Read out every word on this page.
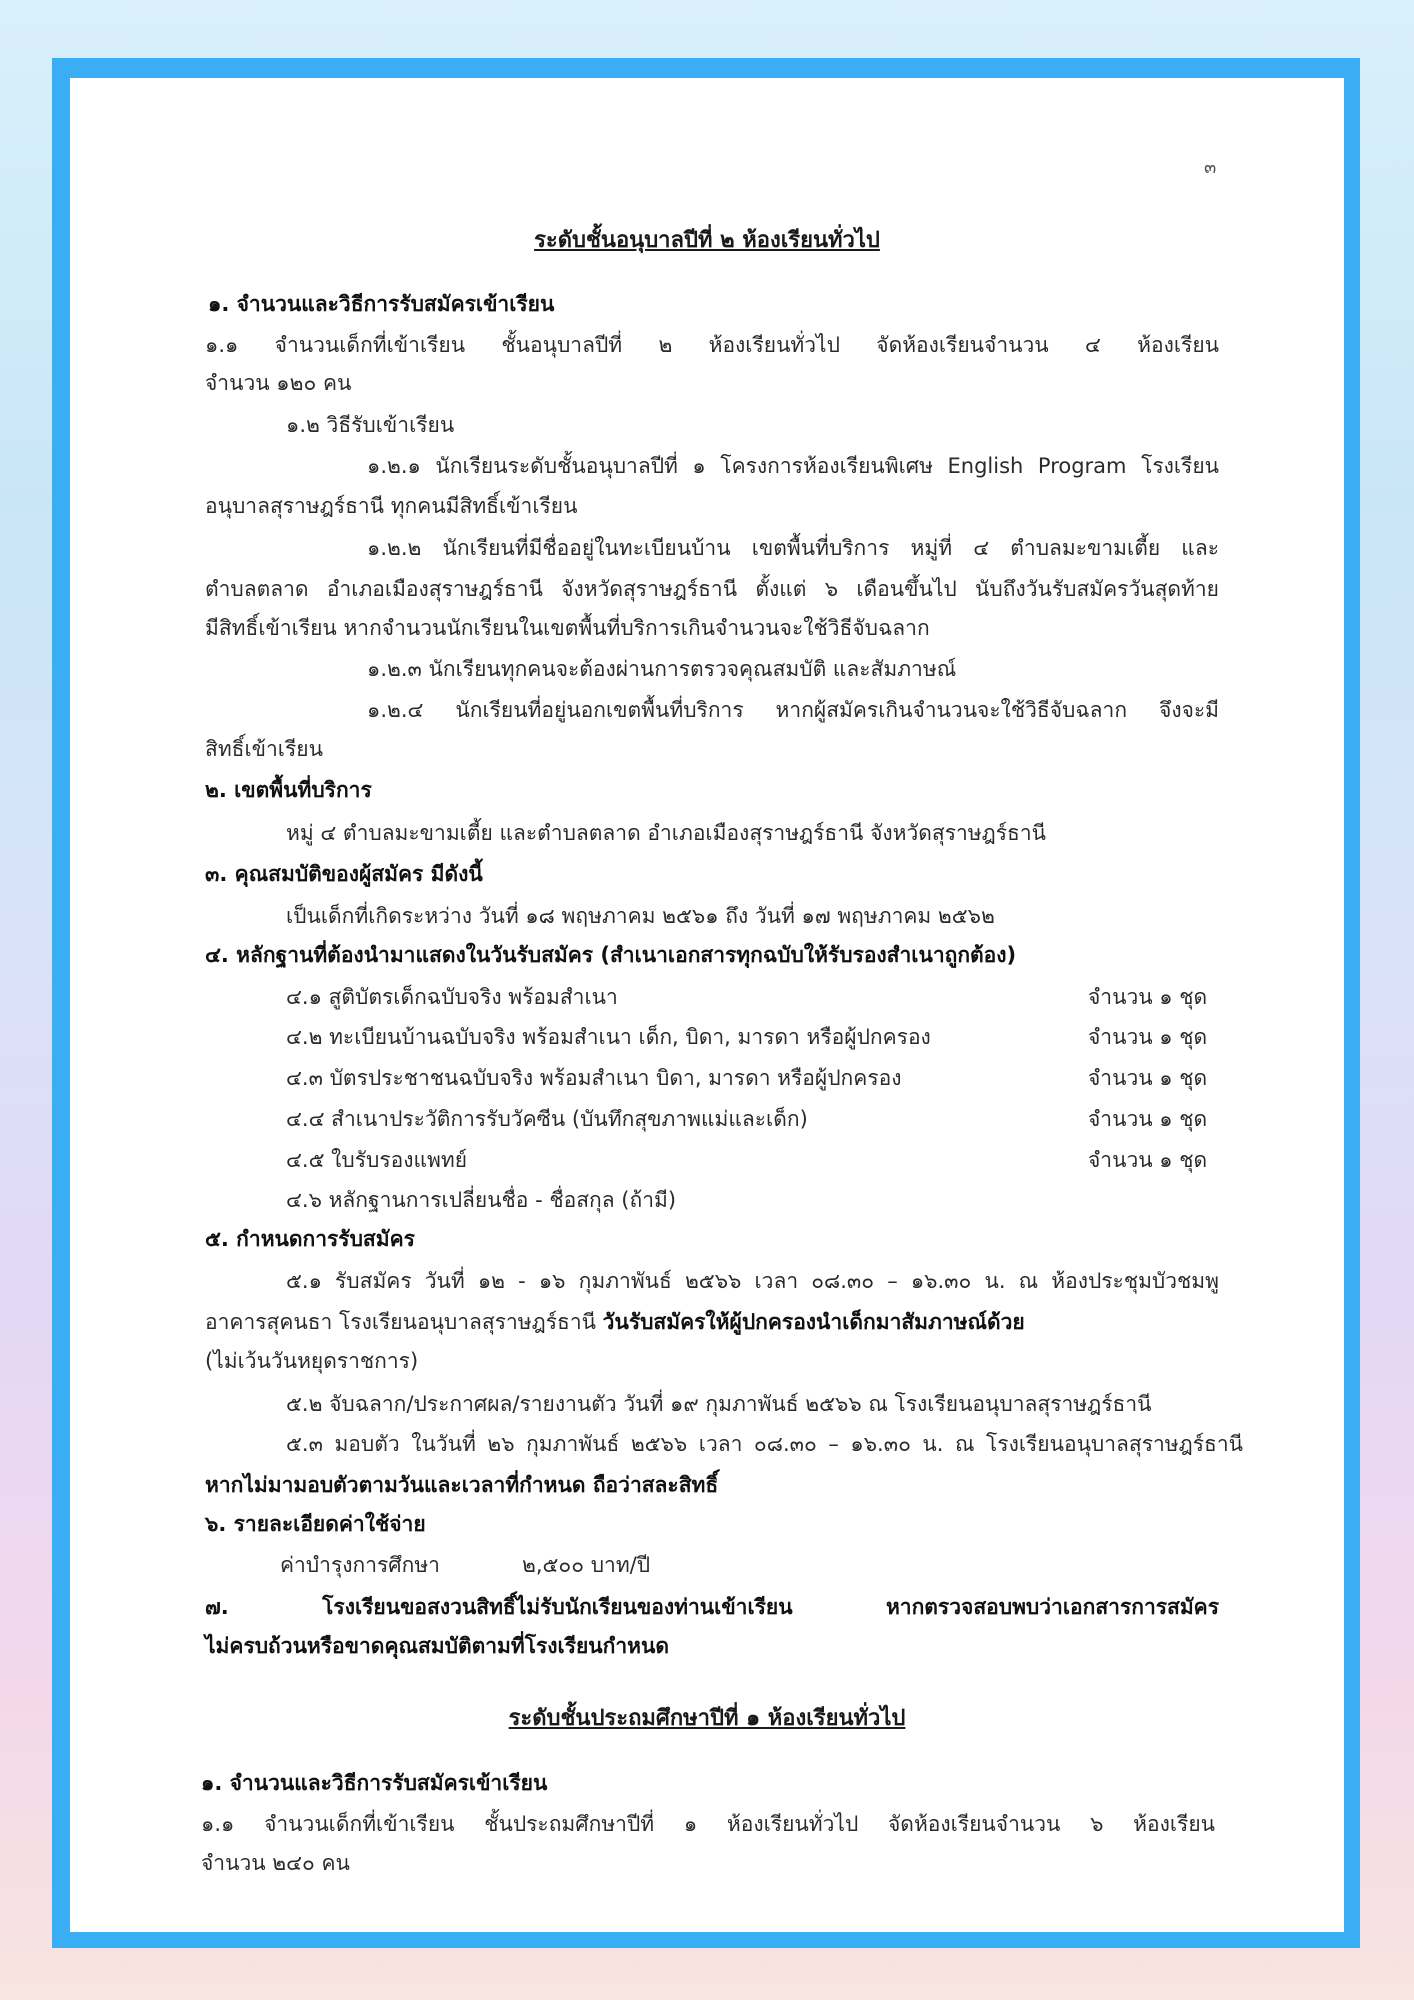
๓
ระดับชั้นอนุบาลปีที่ ๒ ห้องเรียนทั่วไป
๑. จำนวนและวิธีการรับสมัครเข้าเรียน
๑.๑ จำนวนเด็กที่เข้าเรียน ชั้นอนุบาลปีที่ ๒ ห้องเรียนทั่วไป จัดห้องเรียนจำนวน ๔ ห้องเรียน
จำนวน ๑๒๐ คน
๑.๒ วิธีรับเข้าเรียน
๑.๒.๑ นักเรียนระดับชั้นอนุบาลปีที่ ๑ โครงการห้องเรียนพิเศษ English Program โรงเรียน
อนุบาลสุราษฎร์ธานี ทุกคนมีสิทธิ์เข้าเรียน
๑.๒.๒ นักเรียนที่มีชื่ออยู่ในทะเบียนบ้าน เขตพื้นที่บริการ หมู่ที่ ๔ ตำบลมะขามเตี้ย และ
ตำบลตลาด อำเภอเมืองสุราษฎร์ธานี จังหวัดสุราษฎร์ธานี ตั้งแต่ ๖ เดือนขึ้นไป นับถึงวันรับสมัครวันสุดท้าย
มีสิทธิ์เข้าเรียน หากจำนวนนักเรียนในเขตพื้นที่บริการเกินจำนวนจะใช้วิธีจับฉลาก
๑.๒.๓ นักเรียนทุกคนจะต้องผ่านการตรวจคุณสมบัติ และสัมภาษณ์
๑.๒.๔ นักเรียนที่อยู่นอกเขตพื้นที่บริการ หากผู้สมัครเกินจำนวนจะใช้วิธีจับฉลาก จึงจะมี
สิทธิ์เข้าเรียน
๒. เขตพื้นที่บริการ
หมู่ ๔ ตำบลมะขามเตี้ย และตำบลตลาด อำเภอเมืองสุราษฎร์ธานี จังหวัดสุราษฎร์ธานี
๓. คุณสมบัติของผู้สมัคร มีดังนี้
เป็นเด็กที่เกิดระหว่าง วันที่ ๑๘ พฤษภาคม ๒๕๖๑ ถึง วันที่ ๑๗ พฤษภาคม ๒๕๖๒
๔. หลักฐานที่ต้องนำมาแสดงในวันรับสมัคร (สำเนาเอกสารทุกฉบับให้รับรองสำเนาถูกต้อง)
๔.๑ สูติบัตรเด็กฉบับจริง พร้อมสำเนา	จำนวน ๑ ชุด
๔.๒ ทะเบียนบ้านฉบับจริง พร้อมสำเนา เด็ก, บิดา, มารดา หรือผู้ปกครอง	จำนวน ๑ ชุด
๔.๓ บัตรประชาชนฉบับจริง พร้อมสำเนา บิดา, มารดา หรือผู้ปกครอง	จำนวน ๑ ชุด
๔.๔ สำเนาประวัติการรับวัคซีน (บันทึกสุขภาพแม่และเด็ก)	จำนวน ๑ ชุด
๔.๕ ใบรับรองแพทย์	จำนวน ๑ ชุด
๔.๖ หลักฐานการเปลี่ยนชื่อ - ชื่อสกุล (ถ้ามี)
๕. กำหนดการรับสมัคร
๕.๑ รับสมัคร วันที่ ๑๒ - ๑๖ กุมภาพันธ์ ๒๕๖๖ เวลา ๐๘.๓๐ – ๑๖.๓๐ น. ณ ห้องประชุมบัวชมพู
อาคารสุคนธา โรงเรียนอนุบาลสุราษฎร์ธานี วันรับสมัครให้ผู้ปกครองนำเด็กมาสัมภาษณ์ด้วย
(ไม่เว้นวันหยุดราชการ)
๕.๒ จับฉลาก/ประกาศผล/รายงานตัว วันที่ ๑๙ กุมภาพันธ์ ๒๕๖๖ ณ โรงเรียนอนุบาลสุราษฎร์ธานี
๕.๓ มอบตัว ในวันที่ ๒๖ กุมภาพันธ์ ๒๕๖๖ เวลา ๐๘.๓๐ – ๑๖.๓๐ น. ณ โรงเรียนอนุบาลสุราษฎร์ธานี
หากไม่มามอบตัวตามวันและเวลาที่กำหนด ถือว่าสละสิทธิ์
๖. รายละเอียดค่าใช้จ่าย
ค่าบำรุงการศึกษา	๒,๕๐๐ บาท/ปี
๗. โรงเรียนขอสงวนสิทธิ์ไม่รับนักเรียนของท่านเข้าเรียน หากตรวจสอบพบว่าเอกสารการสมัคร
ไม่ครบถ้วนหรือขาดคุณสมบัติตามที่โรงเรียนกำหนด
ระดับชั้นประถมศึกษาปีที่ ๑ ห้องเรียนทั่วไป
๑. จำนวนและวิธีการรับสมัครเข้าเรียน
๑.๑ จำนวนเด็กที่เข้าเรียน ชั้นประถมศึกษาปีที่ ๑ ห้องเรียนทั่วไป จัดห้องเรียนจำนวน ๖ ห้องเรียน
จำนวน ๒๔๐ คน
